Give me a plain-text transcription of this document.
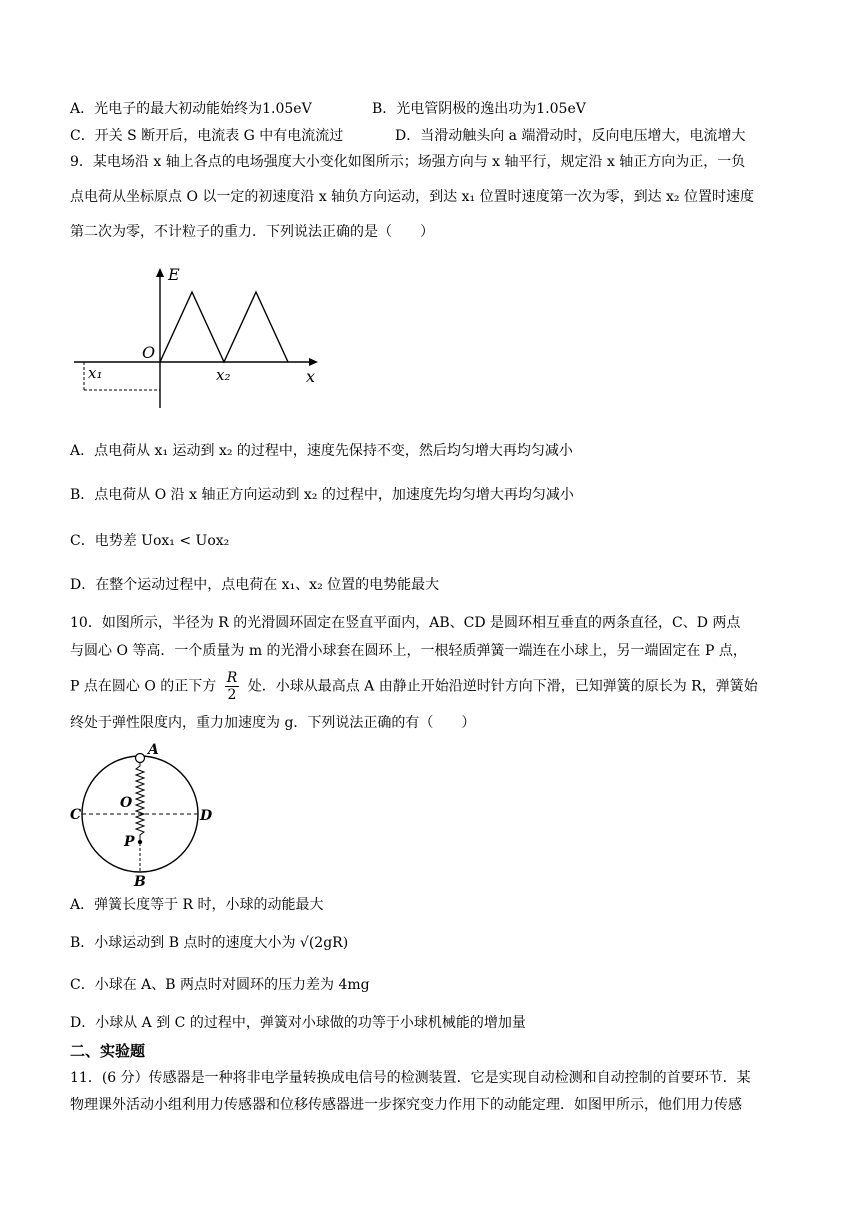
A．光电子的最大初动能始终为1.05eV	B．光电管阴极的逸出功为1.05eV
C．开关 S 断开后，电流表 G 中有电流流过	D．当滑动触头向 a 端滑动时，反向电压增大，电流增大
9．某电场沿 x 轴上各点的电场强度大小变化如图所示；场强方向与 x 轴平行，规定沿 x 轴正方向为正，一负
点电荷从坐标原点 O 以一定的初速度沿 x 轴负方向运动，到达 x₁ 位置时速度第一次为零，到达 x₂ 位置时速度
第二次为零，不计粒子的重力．下列说法正确的是（　　）
E
O
x₁	x₂	x
A．点电荷从 x₁ 运动到 x₂ 的过程中，速度先保持不变，然后均匀增大再均匀减小
B．点电荷从 O 沿 x 轴正方向运动到 x₂ 的过程中，加速度先均匀增大再均匀减小
C．电势差 Uox₁ < Uox₂
D．在整个运动过程中，点电荷在 x₁、x₂ 位置的电势能最大
10．如图所示，半径为 R 的光滑圆环固定在竖直平面内，AB、CD 是圆环相互垂直的两条直径，C、D 两点
与圆心 O 等高．一个质量为 m 的光滑小球套在圆环上，一根轻质弹簧一端连在小球上，另一端固定在 P 点，
P 点在圆心 O 的正下方 $\frac{R}{2}$ 处．小球从最高点 A 由静止开始沿逆时针方向下滑，已知弹簧的原长为 R，弹簧始
终处于弹性限度内，重力加速度为 g．下列说法正确的有（　　）
A
B
C	D
O
P
A．弹簧长度等于 R 时，小球的动能最大
B．小球运动到 B 点时的速度大小为 √(2gR)
C．小球在 A、B 两点时对圆环的压力差为 4mg
D．小球从 A 到 C 的过程中，弹簧对小球做的功等于小球机械能的增加量
二、实验题
11．(6 分）传感器是一种将非电学量转换成电信号的检测装置．它是实现自动检测和自动控制的首要环节．某
物理课外活动小组利用力传感器和位移传感器进一步探究变力作用下的动能定理．如图甲所示，他们用力传感
